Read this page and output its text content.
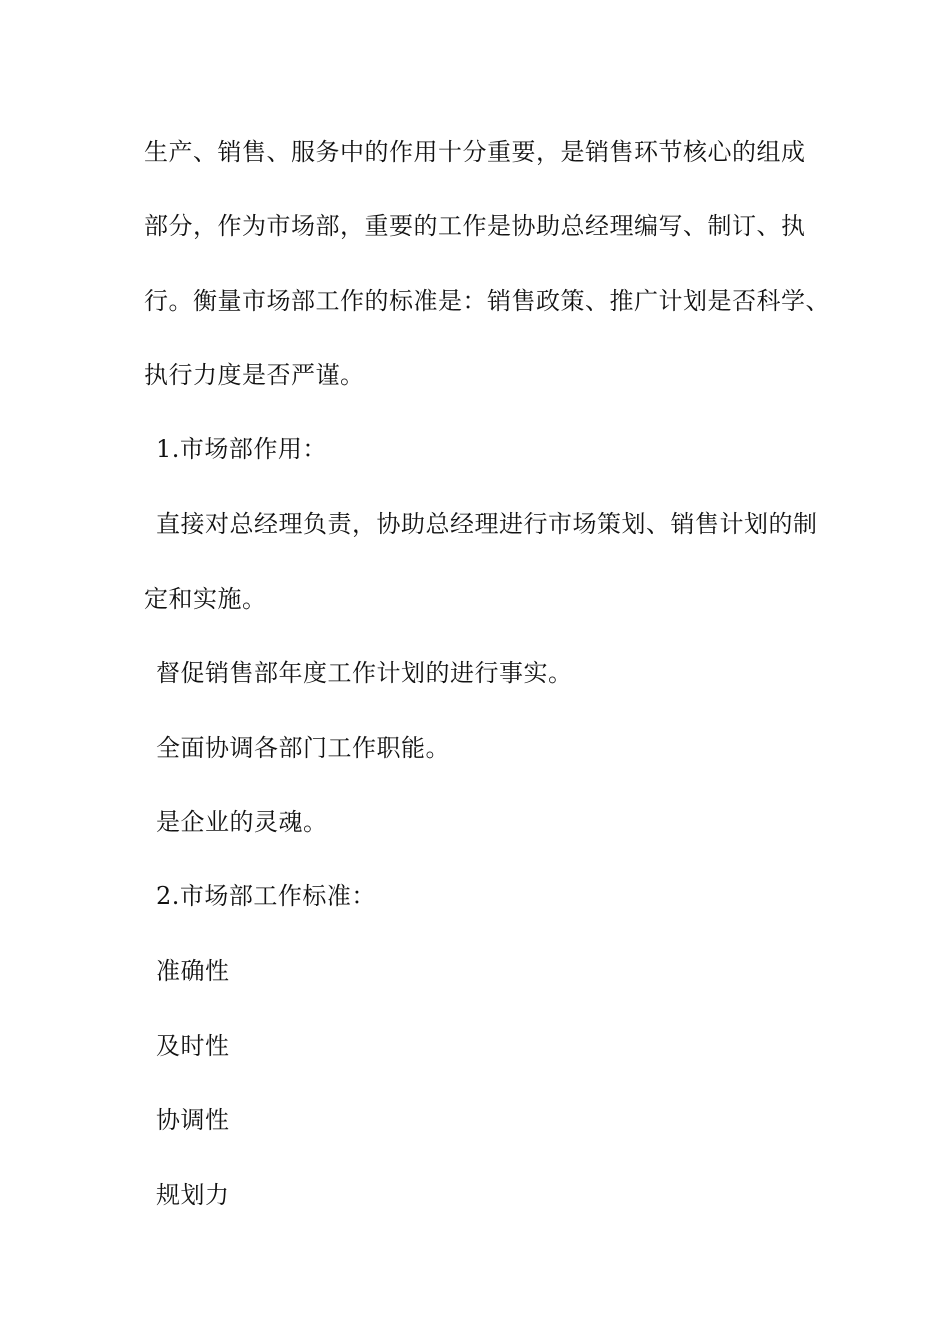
生产、销售、服务中的作用十分重要，是销售环节核心的组成
部分，作为市场部，重要的工作是协助总经理编写、制订、执
行。衡量市场部工作的标准是：销售政策、推广计划是否科学、
执行力度是否严谨。
1.市场部作用：
直接对总经理负责，协助总经理进行市场策划、销售计划的制
定和实施。
督促销售部年度工作计划的进行事实。
全面协调各部门工作职能。
是企业的灵魂。
2.市场部工作标准：
准确性
及时性
协调性
规划力
